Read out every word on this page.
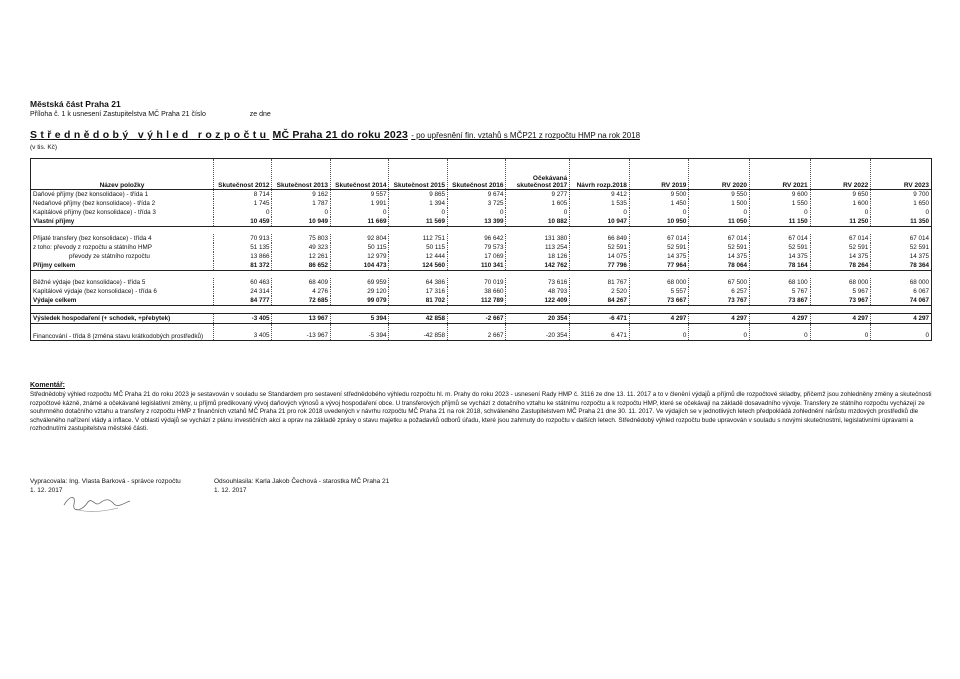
Městská část Praha 21
Příloha č. 1 k usnesení Zastupitelstva MČ Praha 21 číslo	ze dne
Střednědobý výhled rozpočtu MČ Praha 21 do roku 2023 - po upřesnění fin. vztahů s MČP21 z rozpočtu HMP na rok 2018
(v tis. Kč)
Název položky	Skutečnost 2012	Skutečnost 2013	Skutečnost 2014	Skutečnost 2015	Skutečnost 2016	Očekávaná skutečnost 2017	Návrh rozp.2018	RV 2019	RV 2020	RV 2021	RV 2022	RV 2023
Daňové příjmy (bez konsolidace) - třída 1	8 714	9 162	9 557	9 865	9 674	9 277	9 412	9 500	9 550	9 600	9 650	9 700
Nedaňové příjmy (bez konsolidace) - třída 2	1 745	1 787	1 991	1 394	3 725	1 605	1 535	1 450	1 500	1 550	1 600	1 650
Kapitálové příjmy (bez konsolidace) - třída 3	0	0	0	0	0	0	0	0	0	0	0	0
Vlastní příjmy	10 459	10 949	11 669	11 569	13 399	10 882	10 947	10 950	11 050	11 150	11 250	11 350

Přijaté transfery (bez konsolidace) - třída 4	70 913	75 803	92 804	112 751	96 642	131 380	66 849	67 014	67 014	67 014	67 014	67 014
z toho: převody z rozpočtu a státního HMP	51 135	49 323	50 115	50 115	79 573	113 254	52 591	52 591	52 591	52 591	52 591	52 591
převody ze státního rozpočtu	13 866	12 261	12 979	12 444	17 069	18 126	14 075	14 375	14 375	14 375	14 375	14 375
Příjmy celkem	81 372	86 652	104 473	124 560	110 341	142 762	77 796	77 964	78 064	78 164	78 264	78 364

Běžné výdaje (bez konsolidace) - třída 5	60 463	68 409	69 959	64 386	70 019	73 616	81 767	68 000	67 500	68 100	68 000	68 000
Kapitálové výdaje (bez konsolidace) - třída 6	24 314	4 276	29 120	17 316	38 660	48 793	2 520	5 557	6 257	5 767	5 967	6 067
Výdaje celkem	84 777	72 685	99 079	81 702	112 789	122 409	84 267	73 667	73 767	73 867	73 967	74 067

Výsledek hospodaření (+ schodek, +přebytek)	-3 405	13 967	5 394	42 858	-2 667	20 354	-6 471	4 297	4 297	4 297	4 297	4 297
Financování - třída 8 (změna stavu krátkodobých prostředků)	3 405	-13 967	-5 394	-42 858	2 667	-20 354	6 471	0	0	0	0	0
Komentář:
Střednědobý výhled rozpočtu MČ Praha 21 do roku 2023 je sestavován v souladu se Standardem pro sestavení střednědobého výhledu rozpočtu hl. m. Prahy do roku 2023 - usnesení Rady HMP č. 3116 ze dne 13. 11. 2017 a to v členění výdajů a příjmů dle rozpočtové skladby, přičemž jsou zohledněny změny a skutečnosti rozpočtové kázně, známé a očekávané legislativní změny, u příjmů predikovaný vývoj daňových výnosů a vývoj hospodaření obce. U transferových příjmů se vychází z dotačního vztahu ke státnímu rozpočtu a k rozpočtu HMP, které se očekávají na základě dosavadního vývoje. Transfery ze státního rozpočtu vycházejí ze souhrnného dotačního vztahu a transfery z rozpočtu HMP z finančních vztahů MČ Praha 21 pro rok 2018 uvedených v návrhu rozpočtu MČ Praha 21 na rok 2018, schváleného Zastupitelstvem MČ Praha 21 dne 30. 11. 2017. Ve výdajích se v jednotlivých letech předpokládá zohlednění nárůstu mzdových prostředků dle schváleného nařízení vlády a inflace. V oblasti výdajů se vychází z plánu investičních akcí a oprav na základě zprávy o stavu majetku a požadavků odborů úřadu, které jsou zahrnuty do rozpočtu v dalších letech. Střednědobý výhled rozpočtu bude upravován v souladu s novými skutečnostmi, legislativními úpravami a rozhodnutími zastupitelstva městské části.
Vypracovala: Ing. Vlasta Barková - správce rozpočtu
1. 12. 2017
Odsouhlasila: Karla Jakob Čechová - starostka MČ Praha 21
1. 12. 2017
